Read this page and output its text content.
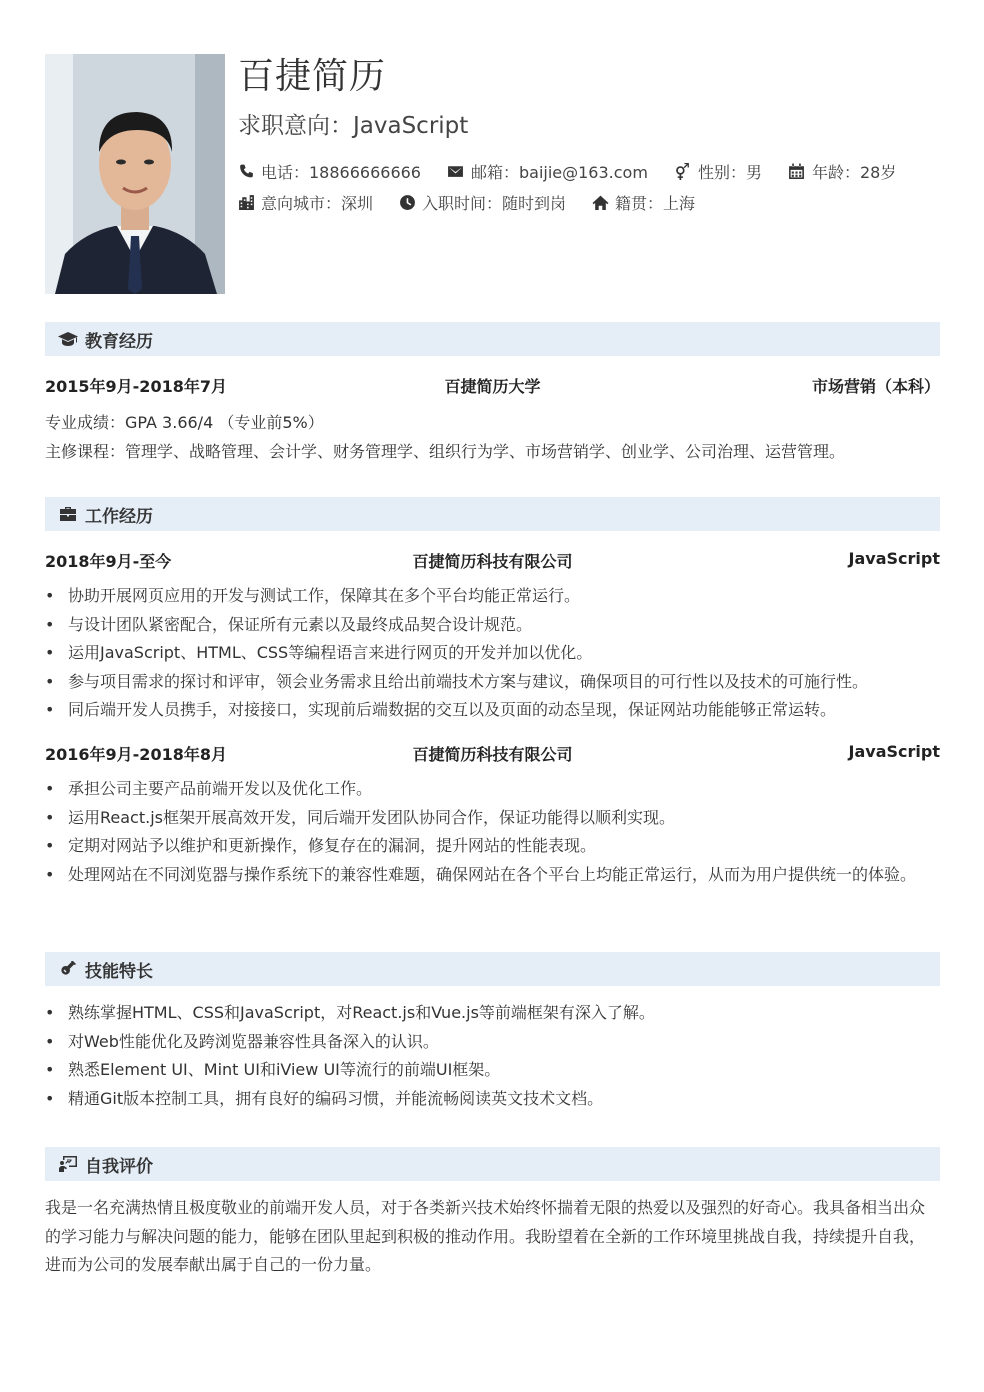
百捷简历
求职意向：JavaScript
电话：18866666666	邮箱：baijie@163.com	性别：男	年龄：28岁
意向城市：深圳	入职时间：随时到岗	籍贯：上海
教育经历
2015年9月-2018年7月	百捷简历大学	市场营销（本科）
专业成绩：GPA 3.66/4 （专业前5%）
主修课程：管理学、战略管理、会计学、财务管理学、组织行为学、市场营销学、创业学、公司治理、运营管理。
工作经历
2018年9月-至今	百捷简历科技有限公司	JavaScript
• 协助开展网页应用的开发与测试工作，保障其在多个平台均能正常运行。
• 与设计团队紧密配合，保证所有元素以及最终成品契合设计规范。
• 运用JavaScript、HTML、CSS等编程语言来进行网页的开发并加以优化。
• 参与项目需求的探讨和评审，领会业务需求且给出前端技术方案与建议，确保项目的可行性以及技术的可施行性。
• 同后端开发人员携手，对接接口，实现前后端数据的交互以及页面的动态呈现，保证网站功能能够正常运转。
2016年9月-2018年8月	百捷简历科技有限公司	JavaScript
• 承担公司主要产品前端开发以及优化工作。
• 运用React.js框架开展高效开发，同后端开发团队协同合作，保证功能得以顺利实现。
• 定期对网站予以维护和更新操作，修复存在的漏洞，提升网站的性能表现。
• 处理网站在不同浏览器与操作系统下的兼容性难题，确保网站在各个平台上均能正常运行，从而为用户提供统一的体验。
技能特长
• 熟练掌握HTML、CSS和JavaScript，对React.js和Vue.js等前端框架有深入了解。
• 对Web性能优化及跨浏览器兼容性具备深入的认识。
• 熟悉Element UI、Mint UI和iView UI等流行的前端UI框架。
• 精通Git版本控制工具，拥有良好的编码习惯，并能流畅阅读英文技术文档。
自我评价

我是一名充满热情且极度敬业的前端开发人员，对于各类新兴技术始终怀揣着无限的热爱以及强烈的好奇心。我具备相当出众的学习能力与解决问题的能力，能够在团队里起到积极的推动作用。我盼望着在全新的工作环境里挑战自我，持续提升自我，进而为公司的发展奉献出属于自己的一份力量。
